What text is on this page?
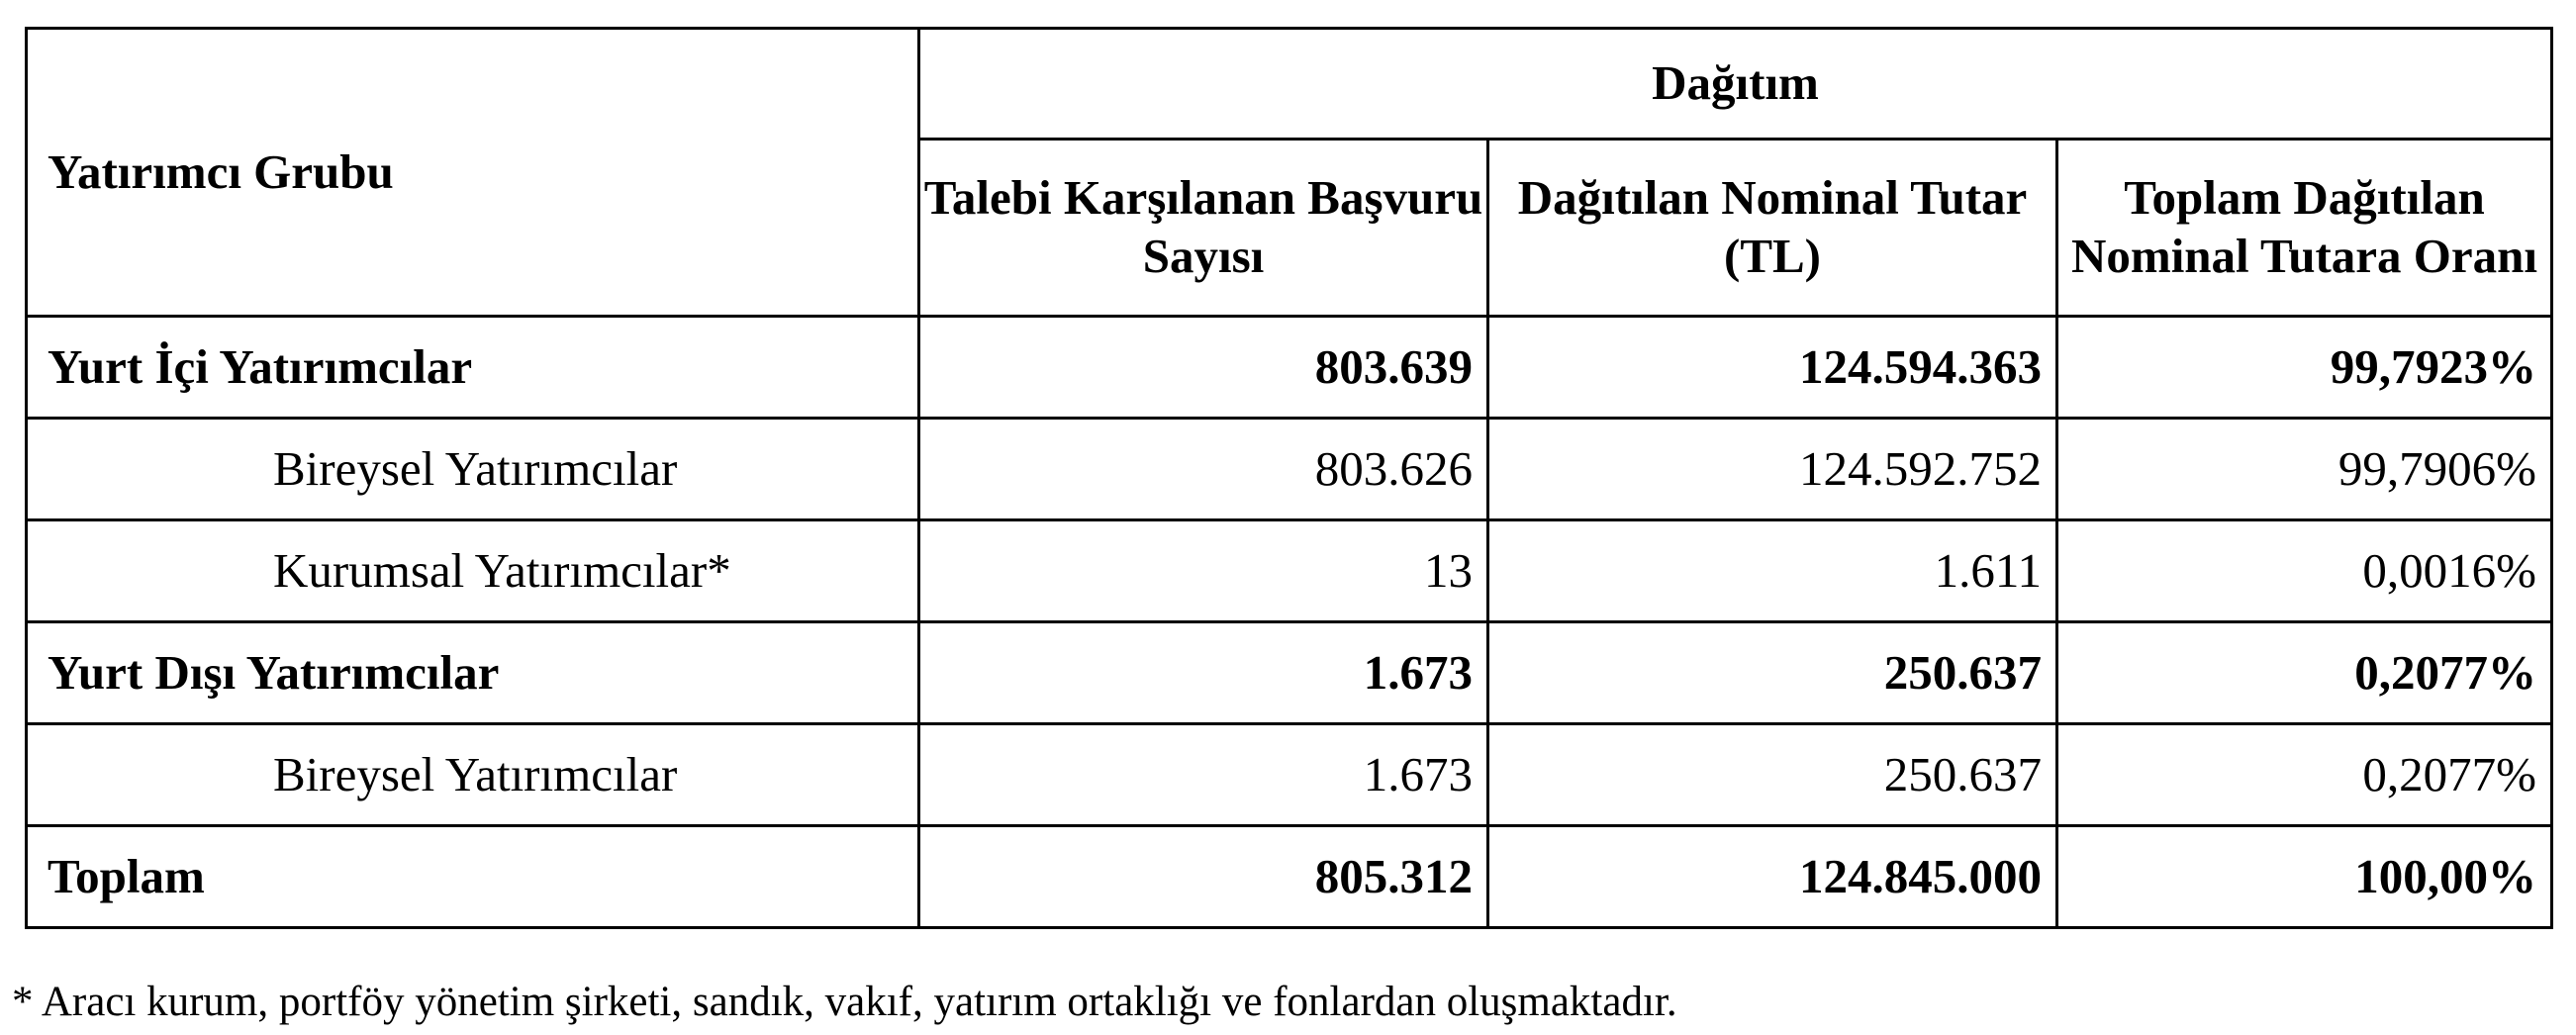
Yatırımcı Grubu	Dağıtım		
	Talebi Karşılanan Başvuru Sayısı	Dağıtılan Nominal Tutar (TL)	Toplam Dağıtılan Nominal Tutara Oranı
Yurt İçi Yatırımcılar	803.639	124.594.363	99,7923%
Bireysel Yatırımcılar	803.626	124.592.752	99,7906%
Kurumsal Yatırımcılar*	13	1.611	0,0016%
Yurt Dışı Yatırımcılar	1.673	250.637	0,2077%
Bireysel Yatırımcılar	1.673	250.637	0,2077%
Toplam	805.312	124.845.000	100,00%
* Aracı kurum, portföy yönetim şirketi, sandık, vakıf, yatırım ortaklığı ve fonlardan oluşmaktadır.
